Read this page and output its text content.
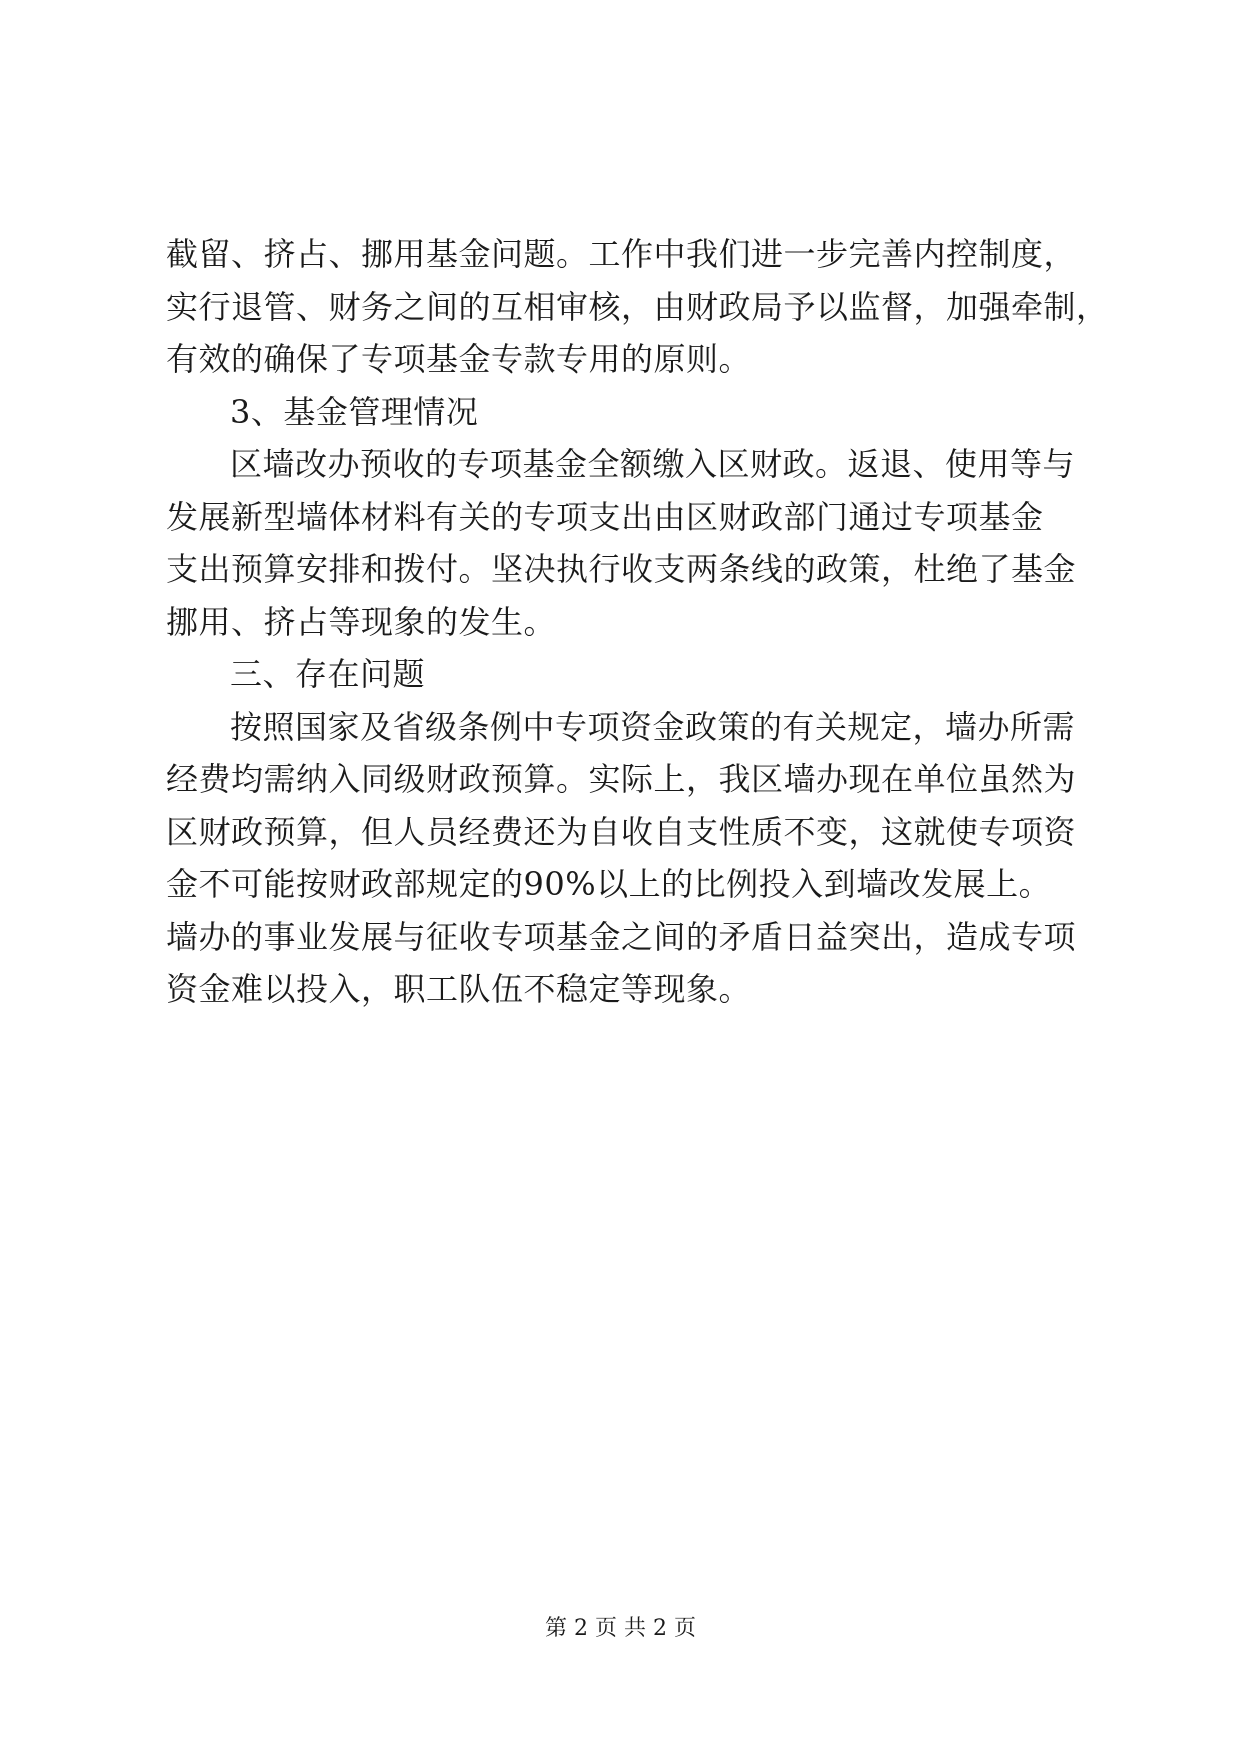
截留、挤占、挪用基金问题。工作中我们进一步完善内控制度，
实行退管、财务之间的互相审核，由财政局予以监督，加强牵制，
有效的确保了专项基金专款专用的原则。
3、基金管理情况
区墙改办预收的专项基金全额缴入区财政。返退、使用等与
发展新型墙体材料有关的专项支出由区财政部门通过专项基金
支出预算安排和拨付。坚决执行收支两条线的政策，杜绝了基金
挪用、挤占等现象的发生。
三、存在问题
按照国家及省级条例中专项资金政策的有关规定，墙办所需
经费均需纳入同级财政预算。实际上，我区墙办现在单位虽然为
区财政预算，但人员经费还为自收自支性质不变，这就使专项资
金不可能按财政部规定的90%以上的比例投入到墙改发展上。
墙办的事业发展与征收专项基金之间的矛盾日益突出，造成专项
资金难以投入，职工队伍不稳定等现象。
第 2 页 共 2 页
